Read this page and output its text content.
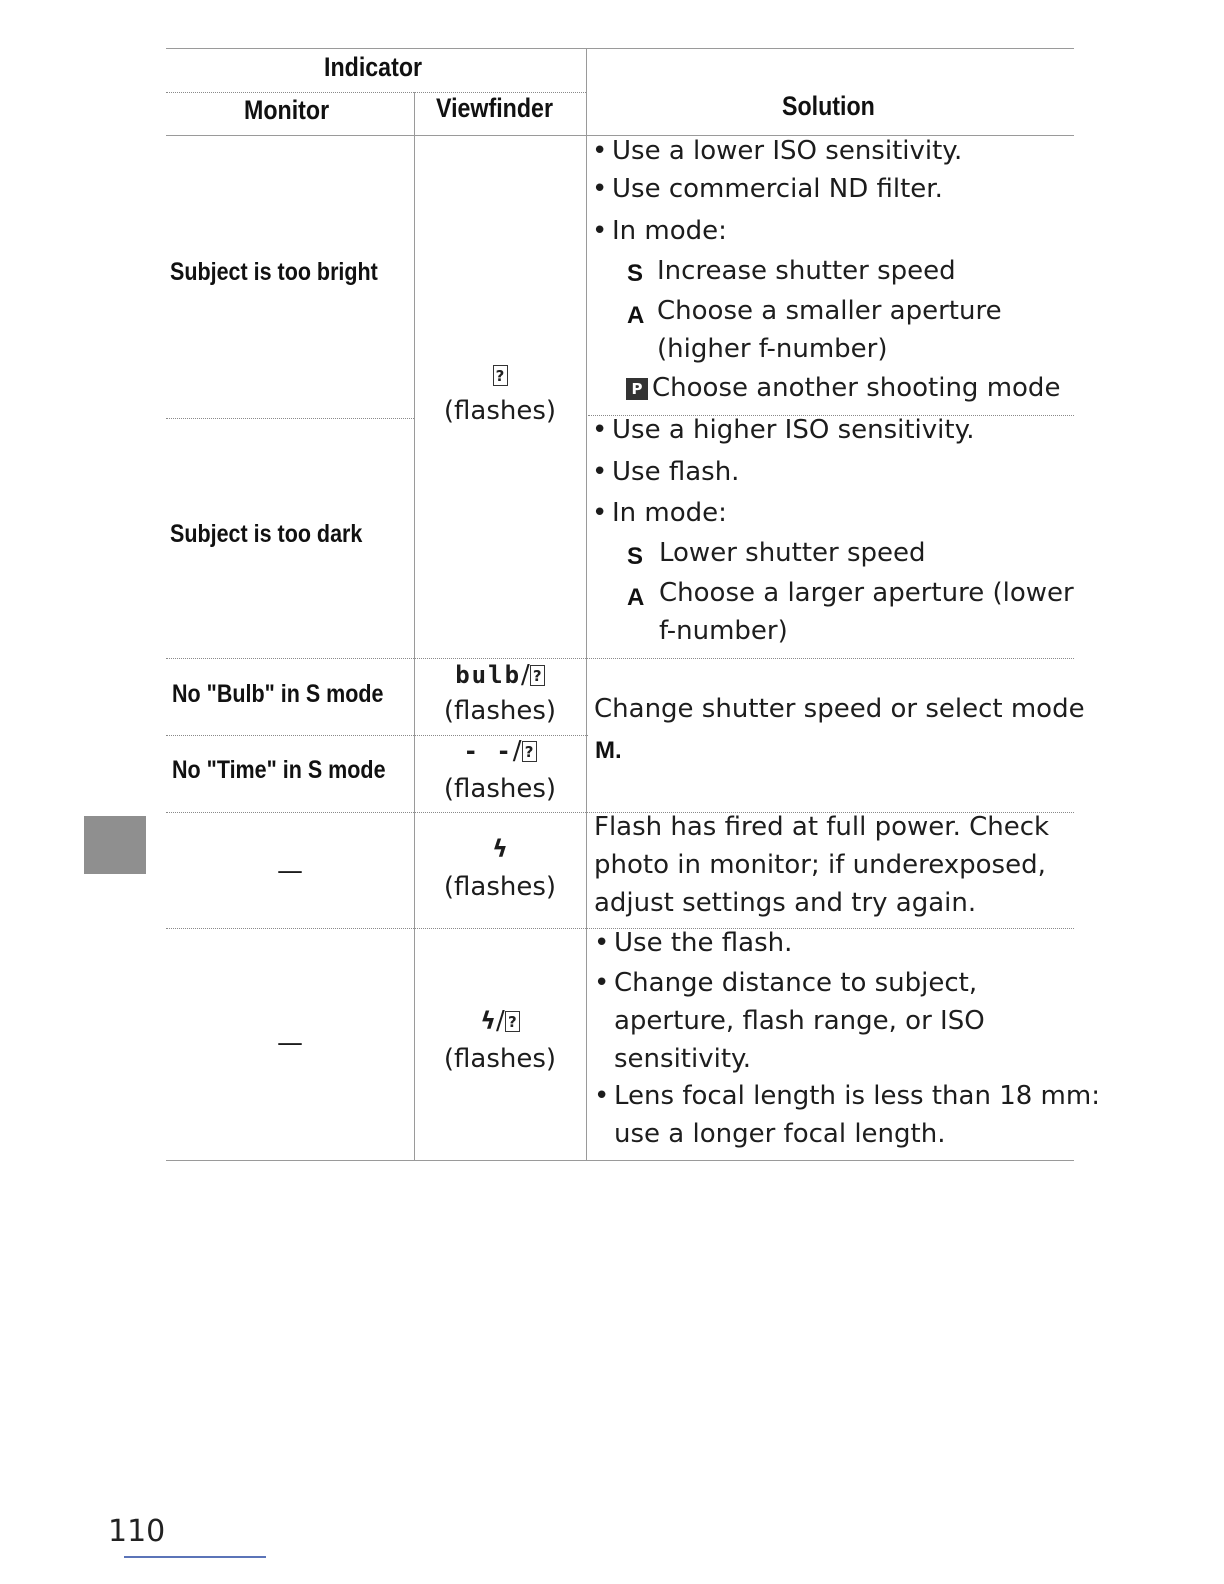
Indicator
Monitor	Viewfinder	Solution
Subject is too bright
• Use a lower ISO sensitivity.
• Use commercial ND filter.
• In mode:
S Increase shutter speed
A Choose a smaller aperture
(higher f-number)
P Choose another shooting mode
?
(flashes)
Subject is too dark
• Use a higher ISO sensitivity.
• Use flash.
• In mode:
S Lower shutter speed
A Choose a larger aperture (lower
f-number)
No "Bulb" in S mode
bulb/ ?
(flashes)
No "Time" in S mode
- -/ ?
(flashes)
Change shutter speed or select mode
M.
—
ϟ
(flashes)
Flash has fired at full power. Check
photo in monitor; if underexposed,
adjust settings and try again.
—
ϟ/ ?
(flashes)
• Use the flash.
• Change distance to subject,
aperture, flash range, or ISO
sensitivity.
• Lens focal length is less than 18 mm:
use a longer focal length.
110
